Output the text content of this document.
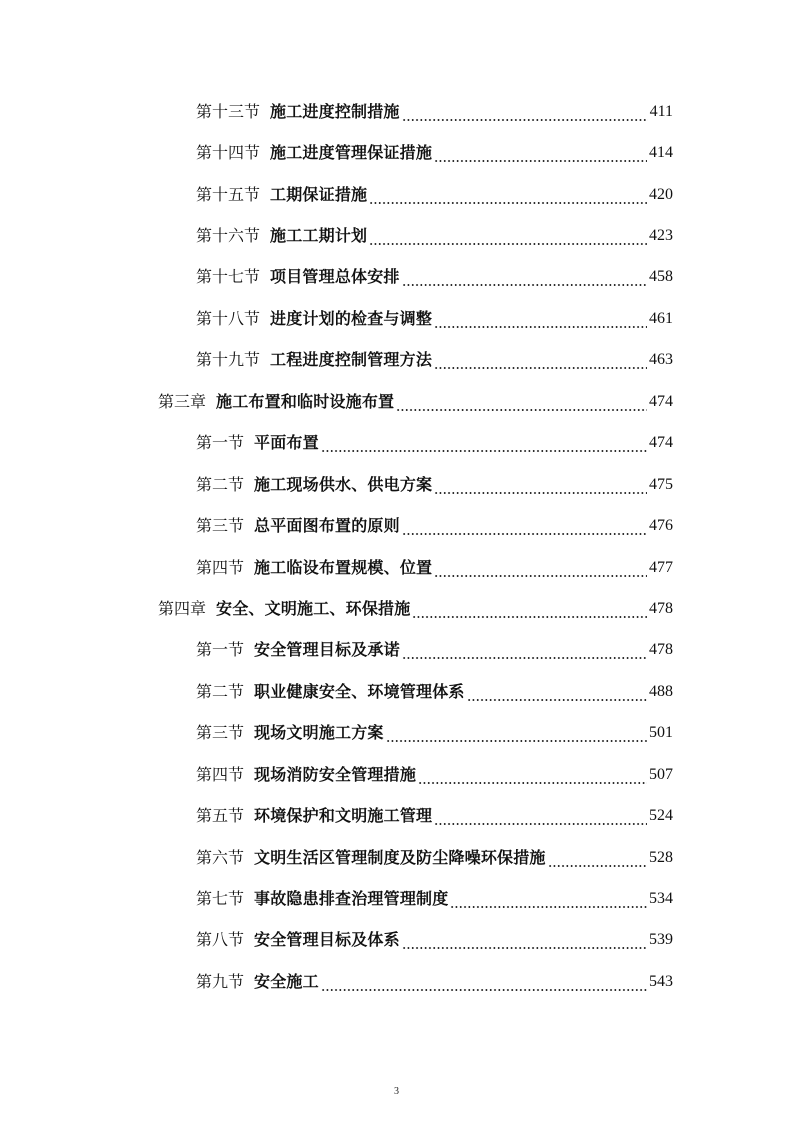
第十三节 施工进度控制措施	411
第十四节 施工进度管理保证措施	414
第十五节 工期保证措施	420
第十六节 施工工期计划	423
第十七节 项目管理总体安排	458
第十八节 进度计划的检查与调整	461
第十九节 工程进度控制管理方法	463
第三章 施工布置和临时设施布置	474
第一节 平面布置	474
第二节 施工现场供水、供电方案	475
第三节 总平面图布置的原则	476
第四节 施工临设布置规模、位置	477
第四章 安全、文明施工、环保措施	478
第一节 安全管理目标及承诺	478
第二节 职业健康安全、环境管理体系	488
第三节 现场文明施工方案	501
第四节 现场消防安全管理措施	507
第五节 环境保护和文明施工管理	524
第六节 文明生活区管理制度及防尘降噪环保措施	528
第七节 事故隐患排查治理管理制度	534
第八节 安全管理目标及体系	539
第九节 安全施工	543
3
